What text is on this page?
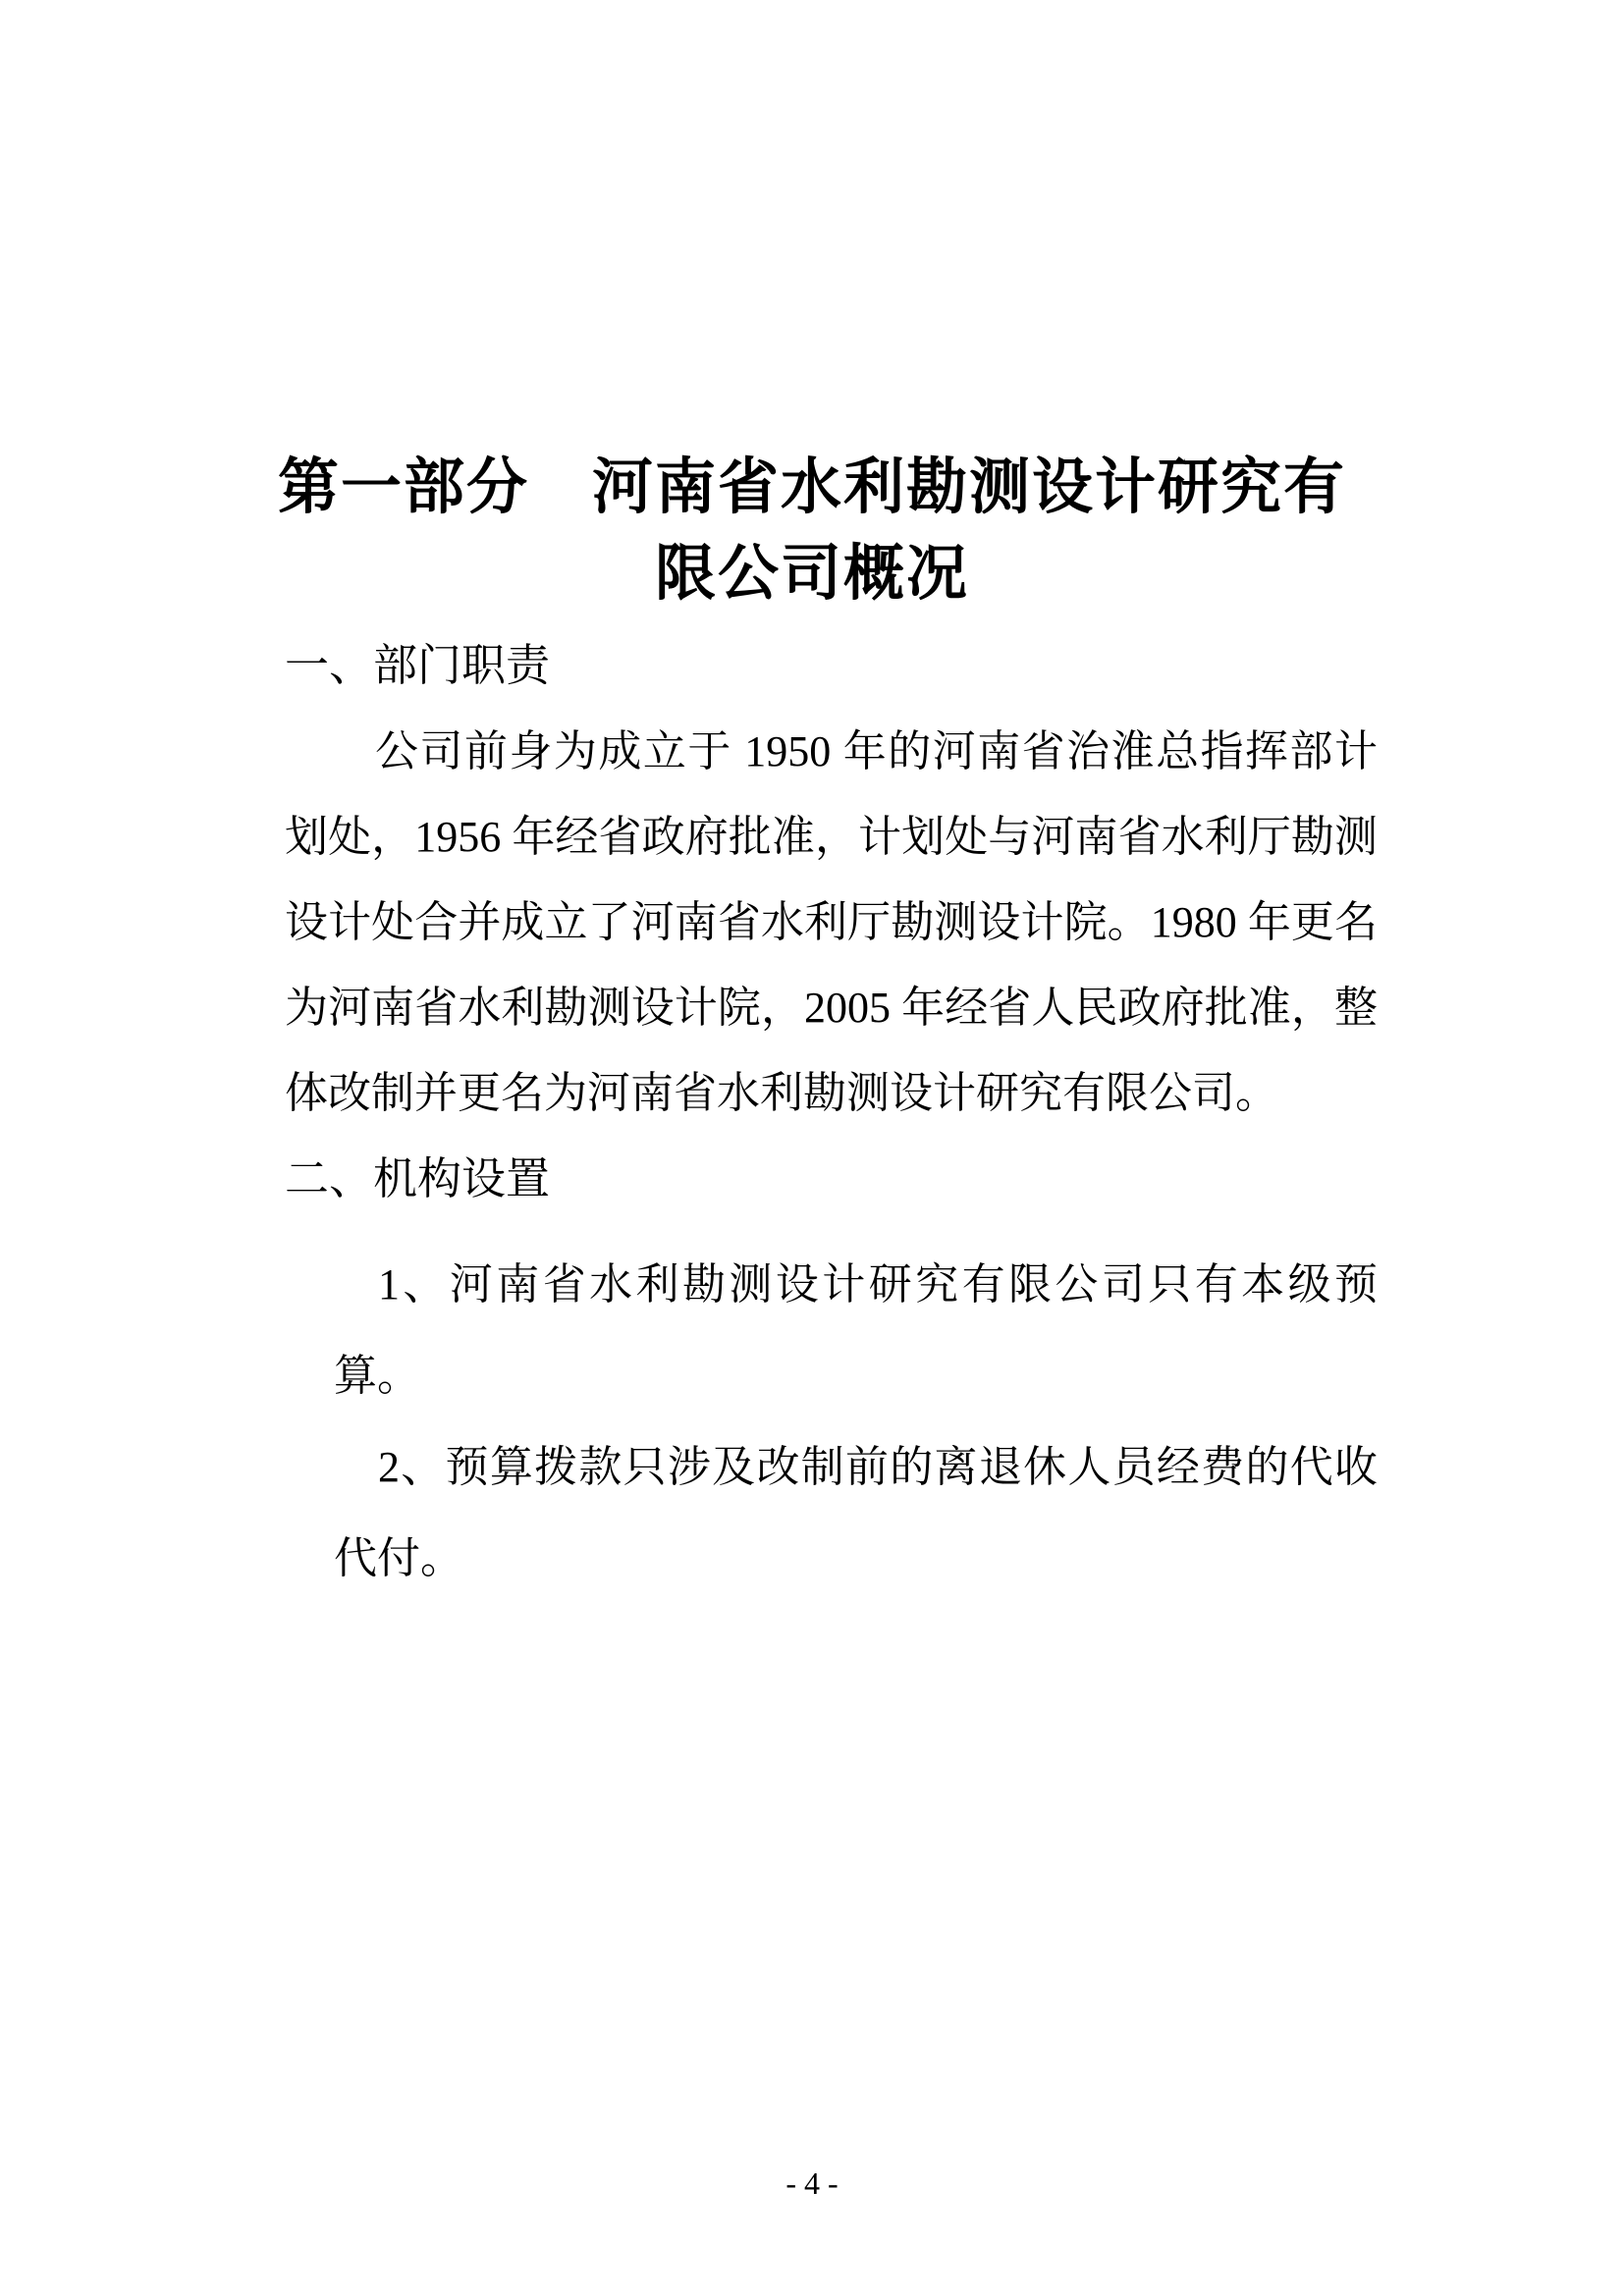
第一部分　河南省水利勘测设计研究有
限公司概况
一、部门职责
公司前身为成立于 1950 年的河南省治淮总指挥部计
划处，1956 年经省政府批准，计划处与河南省水利厅勘测
设计处合并成立了河南省水利厅勘测设计院。1980 年更名
为河南省水利勘测设计院，2005 年经省人民政府批准，整
体改制并更名为河南省水利勘测设计研究有限公司。
二、机构设置
1、河南省水利勘测设计研究有限公司只有本级预算。
2、预算拨款只涉及改制前的离退休人员经费的代收
代付。
- 4 -
